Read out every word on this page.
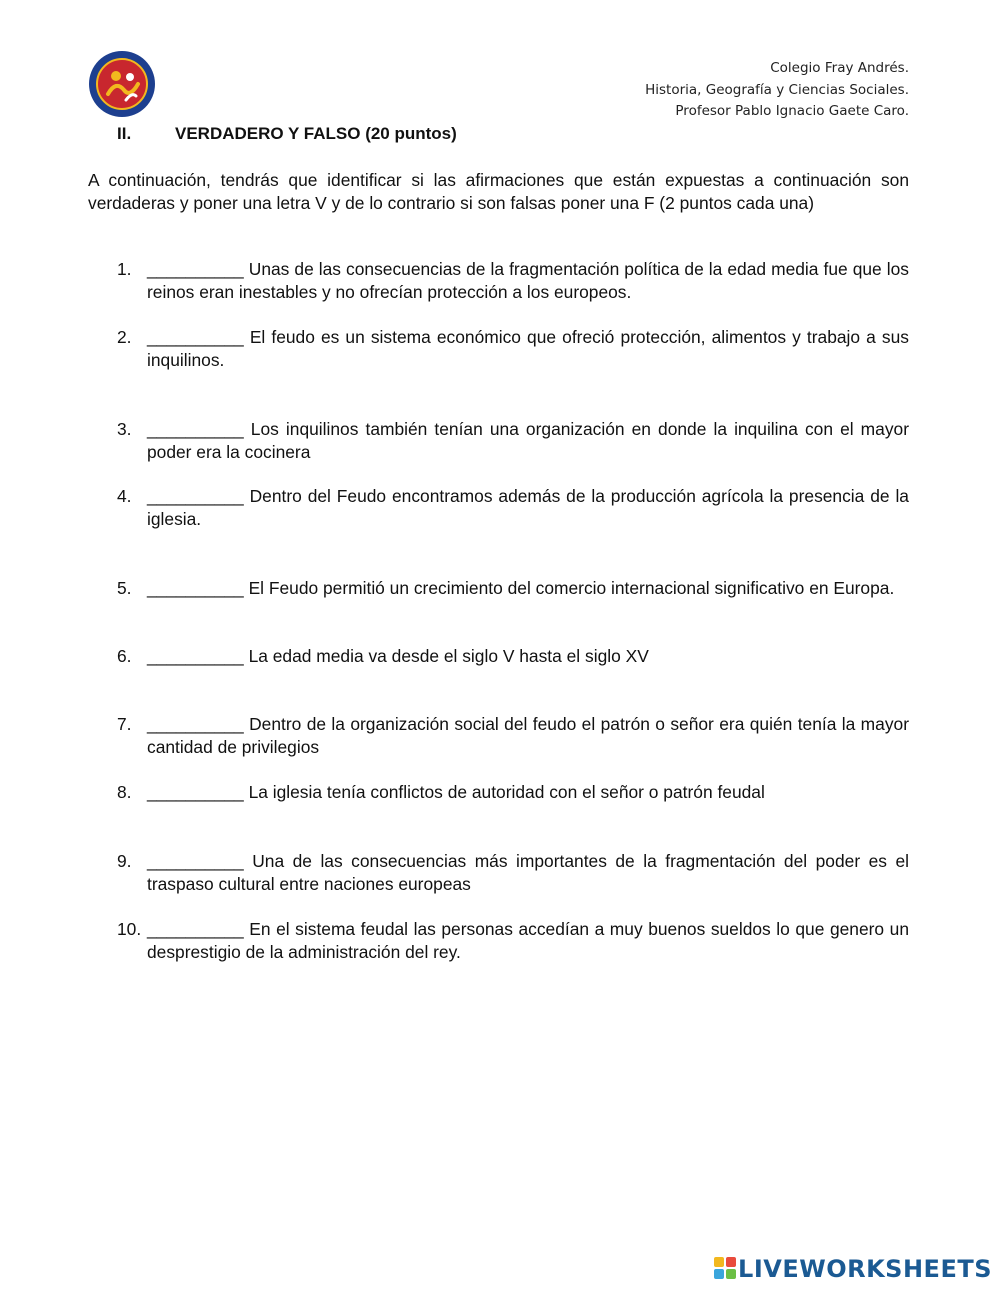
Colegio Fray Andrés.
Historia, Geografía y Ciencias Sociales.
Profesor Pablo Ignacio Gaete Caro.
II.	VERDADERO Y FALSO (20 puntos)
A continuación, tendrás que identificar si las afirmaciones que están expuestas a continuación son verdaderas y poner una letra V y de lo contrario si son falsas poner una F (2 puntos cada una)
1. __________ Unas de las consecuencias de la fragmentación política de la edad media fue que los reinos eran inestables y no ofrecían protección a los europeos.
2. __________ El feudo es un sistema económico que ofreció protección, alimentos y trabajo a sus inquilinos.
3. __________ Los inquilinos también tenían una organización en donde la inquilina con el mayor poder era la cocinera
4. __________ Dentro del Feudo encontramos además de la producción agrícola la presencia de la iglesia.
5. __________ El Feudo permitió un crecimiento del comercio internacional significativo en Europa.
6. __________ La edad media va desde el siglo V hasta el siglo XV
7. __________ Dentro de la organización social del feudo el patrón o señor era quién tenía la mayor cantidad de privilegios
8. __________ La iglesia tenía conflictos de autoridad con el señor o patrón feudal
9. __________ Una de las consecuencias más importantes de la fragmentación del poder es el traspaso cultural entre naciones europeas
10. __________ En el sistema feudal las personas accedían a muy buenos sueldos lo que genero un desprestigio de la administración del rey.
LIVEWORKSHEETS
